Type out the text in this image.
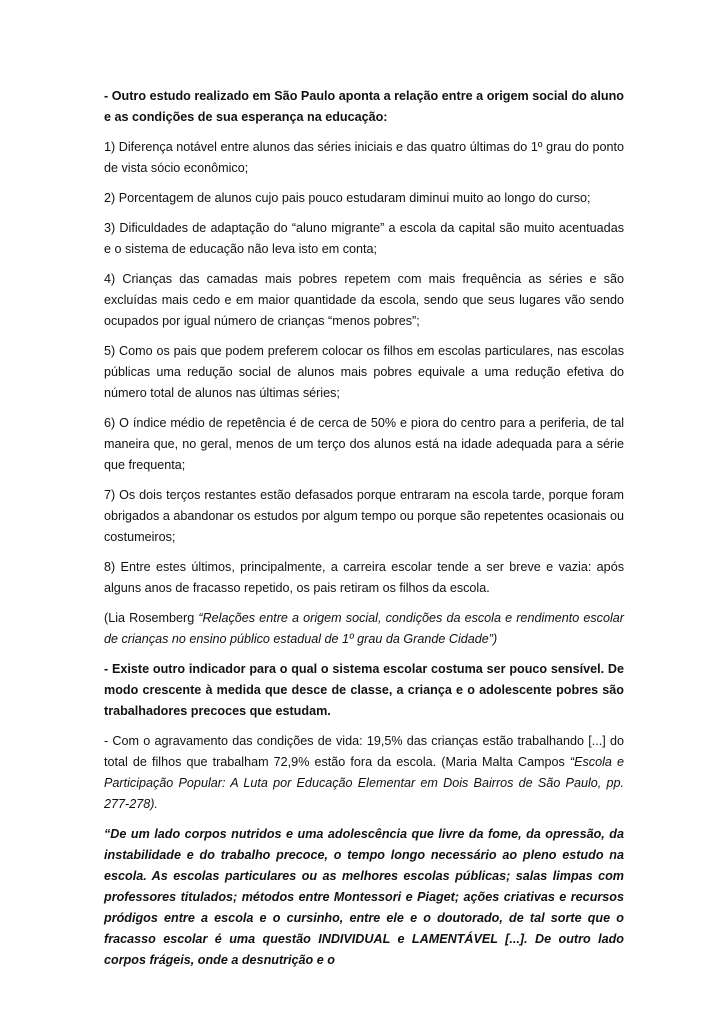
- Outro estudo realizado em São Paulo aponta a relação entre a origem social do aluno e as condições de sua esperança na educação:

1) Diferença notável entre alunos das séries iniciais e das quatro últimas do 1º grau do ponto de vista sócio econômico;

2) Porcentagem de alunos cujo pais pouco estudaram diminui muito ao longo do curso;

3) Dificuldades de adaptação do “aluno migrante” a escola da capital são muito acentuadas e o sistema de educação não leva isto em conta;

4) Crianças das camadas mais pobres repetem com mais frequência as séries e são excluídas mais cedo e em maior quantidade da escola, sendo que seus lugares vão sendo ocupados por igual número de crianças “menos pobres”;

5) Como os pais que podem preferem colocar os filhos em escolas particulares, nas escolas públicas uma redução social de alunos mais pobres equivale a uma redução efetiva do número total de alunos nas últimas séries;

6) O índice médio de repetência é de cerca de 50% e piora do centro para a periferia, de tal maneira que, no geral, menos de um terço dos alunos está na idade adequada para a série que frequenta;

7) Os dois terços restantes estão defasados porque entraram na escola tarde, porque foram obrigados a abandonar os estudos por algum tempo ou porque são repetentes ocasionais ou costumeiros;

8) Entre estes últimos, principalmente, a carreira escolar tende a ser breve e vazia: após alguns anos de fracasso repetido, os pais retiram os filhos da escola.

(Lia Rosemberg “Relações entre a origem social, condições da escola e rendimento escolar de crianças no ensino público estadual de 1º grau da Grande Cidade”)

- Existe outro indicador para o qual o sistema escolar costuma ser pouco sensível. De modo crescente à medida que desce de classe, a criança e o adolescente pobres são trabalhadores precoces que estudam.

- Com o agravamento das condições de vida: 19,5% das crianças estão trabalhando [...] do total de filhos que trabalham 72,9% estão fora da escola. (Maria Malta Campos “Escola e Participação Popular: A Luta por Educação Elementar em Dois Bairros de São Paulo, pp. 277-278).

“De um lado corpos nutridos e uma adolescência que livre da fome, da opressão, da instabilidade e do trabalho precoce, o tempo longo necessário ao pleno estudo na escola. As escolas particulares ou as melhores escolas públicas; salas limpas com professores titulados; métodos entre Montessori e Piaget; ações criativas e recursos pródigos entre a escola e o cursinho, entre ele e o doutorado, de tal sorte que o fracasso escolar é uma questão INDIVIDUAL e LAMENTÁVEL [...]. De outro lado corpos frágeis, onde a desnutrição e o
